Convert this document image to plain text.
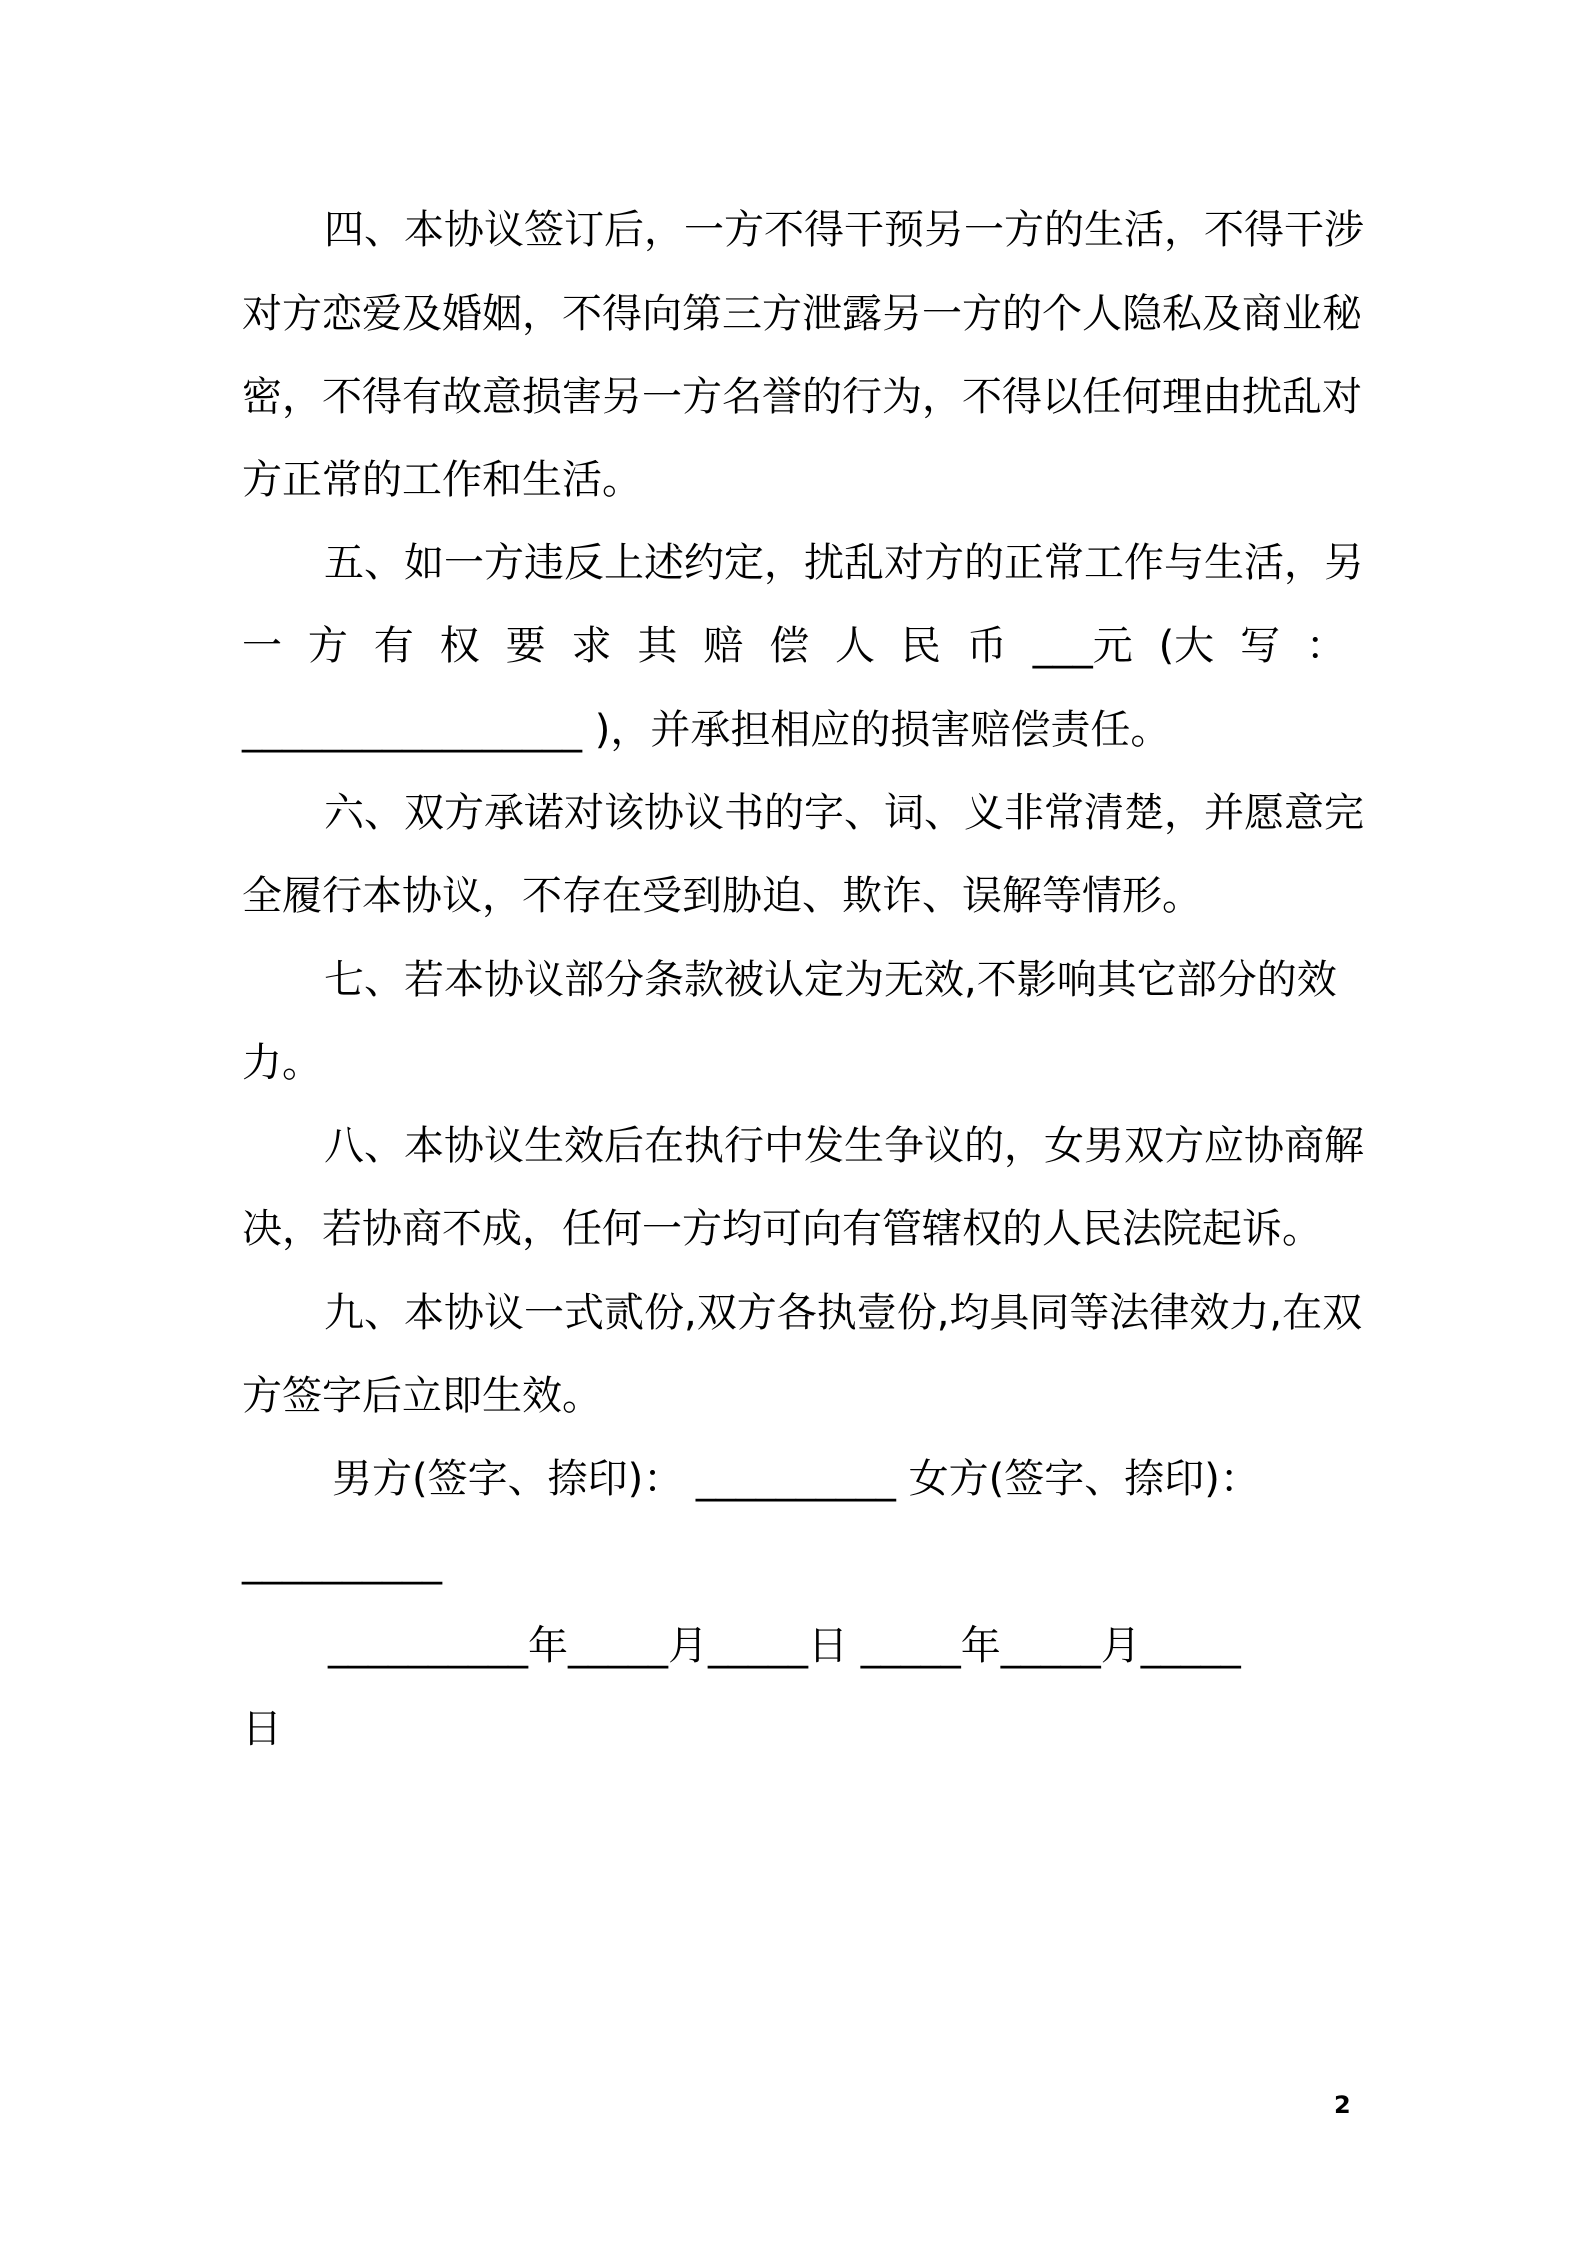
四、本协议签订后，一方不得干预另一方的生活，不得干涉
对方恋爱及婚姻，不得向第三方泄露另一方的个人隐私及商业秘
密，不得有故意损害另一方名誉的行为，不得以任何理由扰乱对
方正常的工作和生活。
五、如一方违反上述约定，扰乱对方的正常工作与生活，另
一 方 有 权 要 求 其 赔 偿 人 民 币 ___元 (大 写 ：
_________________ )，并承担相应的损害赔偿责任。
六、双方承诺对该协议书的字、词、义非常清楚，并愿意完
全履行本协议，不存在受到胁迫、欺诈、误解等情形。
七、若本协议部分条款被认定为无效,不影响其它部分的效
力。
八、本协议生效后在执行中发生争议的，女男双方应协商解
决，若协商不成，任何一方均可向有管辖权的人民法院起诉。
九、本协议一式贰份,双方各执壹份,均具同等法律效力,在双
方签字后立即生效。
男方(签字、捺印)： __________ 女方(签字、捺印)：
__________
__________年_____月_____日 _____年_____月_____
日
2
